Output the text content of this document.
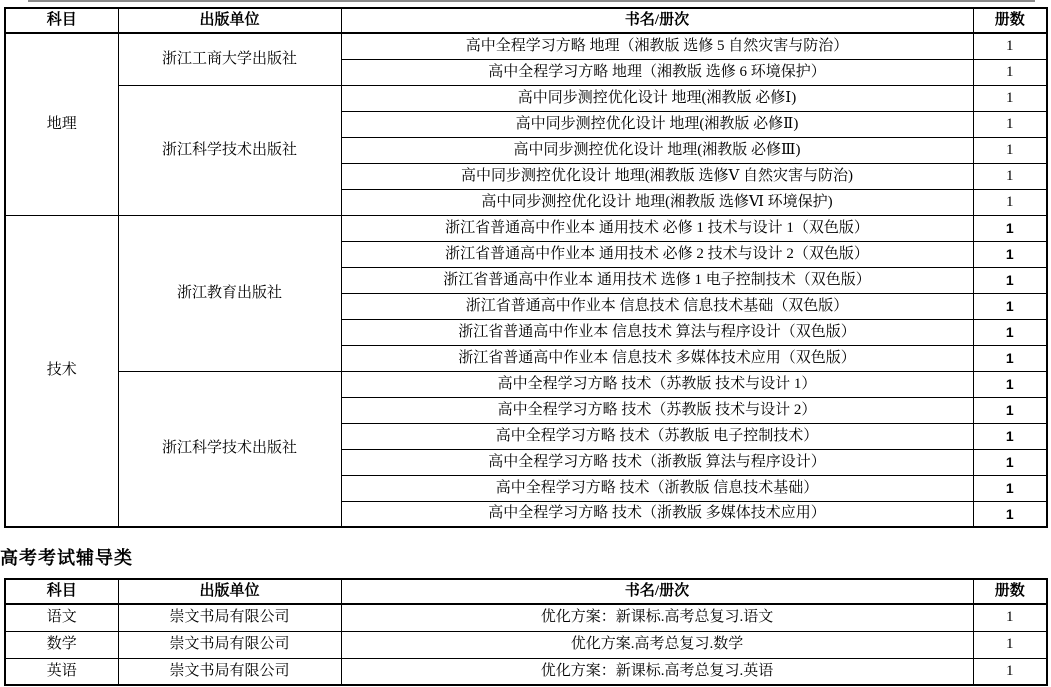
科目	出版单位	书名/册次	册数
地理	浙江工商大学出版社	高中全程学习方略 地理（湘教版 选修 5 自然灾害与防治）	1
		高中全程学习方略 地理（湘教版 选修 6 环境保护）	1
	浙江科学技术出版社	高中同步测控优化设计 地理(湘教版 必修Ⅰ)	1
		高中同步测控优化设计 地理(湘教版 必修Ⅱ)	1
		高中同步测控优化设计 地理(湘教版 必修Ⅲ)	1
		高中同步测控优化设计 地理(湘教版 选修Ⅴ 自然灾害与防治)	1
		高中同步测控优化设计 地理(湘教版 选修Ⅵ 环境保护)	1
技术	浙江教育出版社	浙江省普通高中作业本 通用技术 必修 1 技术与设计 1（双色版）	1
		浙江省普通高中作业本 通用技术 必修 2 技术与设计 2（双色版）	1
		浙江省普通高中作业本 通用技术 选修 1 电子控制技术（双色版）	1
		浙江省普通高中作业本 信息技术 信息技术基础（双色版）	1
		浙江省普通高中作业本 信息技术 算法与程序设计（双色版）	1
		浙江省普通高中作业本 信息技术 多媒体技术应用（双色版）	1
	浙江科学技术出版社	高中全程学习方略 技术（苏教版 技术与设计 1）	1
		高中全程学习方略 技术（苏教版 技术与设计 2）	1
		高中全程学习方略 技术（苏教版 电子控制技术）	1
		高中全程学习方略 技术（浙教版 算法与程序设计）	1
		高中全程学习方略 技术（浙教版 信息技术基础）	1
		高中全程学习方略 技术（浙教版 多媒体技术应用）	1
高考考试辅导类
科目	出版单位	书名/册次	册数
语文	崇文书局有限公司	优化方案：新课标.高考总复习.语文	1
数学	崇文书局有限公司	优化方案.高考总复习.数学	1
英语	崇文书局有限公司	优化方案：新课标.高考总复习.英语	1
